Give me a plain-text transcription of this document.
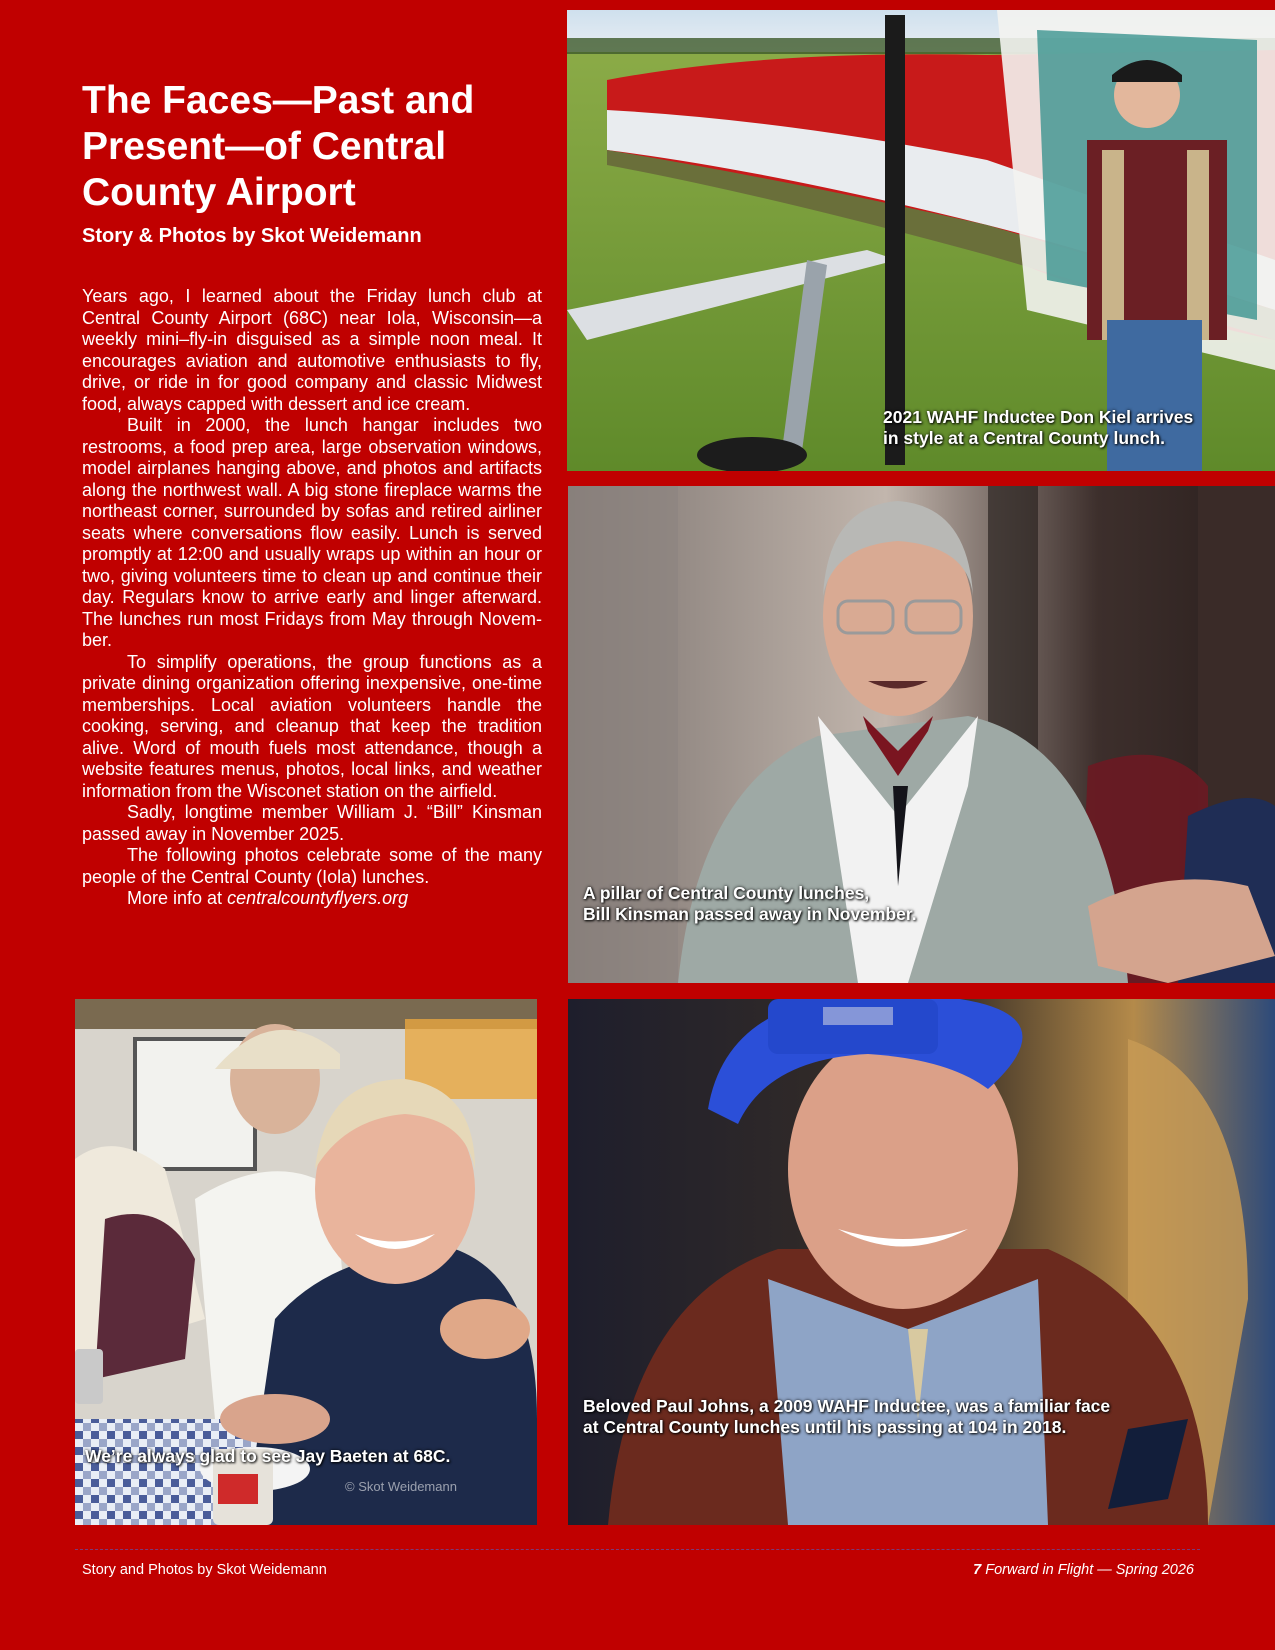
The Faces—Past and Present—of Central County Airport
Story & Photos by Skot Weidemann

Years ago, I learned about the Friday lunch club at Central County Airport (68C) near Iola, Wisconsin—a weekly mini–fly-in disguised as a simple noon meal. It encourages aviation and automotive enthusiasts to fly, drive, or ride in for good company and classic Midwest food, always capped with dessert and ice cream.

Built in 2000, the lunch hangar includes two restrooms, a food prep area, large observation windows, model airplanes hanging above, and photos and artifacts along the northwest wall. A big stone fireplace warms the northeast corner, surrounded by sofas and retired airliner seats where conversations flow easily. Lunch is served promptly at 12:00 and usually wraps up within an hour or two, giving volunteers time to clean up and continue their day. Regulars know to arrive early and linger afterward. The lunches run most Fridays from May through November.

To simplify operations, the group functions as a private dining organization offering inexpensive, one-time memberships. Local aviation volunteers handle the cooking, serving, and cleanup that keep the tradition alive. Word of mouth fuels most attendance, though a website features menus, photos, local links, and weather information from the Wisconet station on the airfield.

Sadly, longtime member William J. “Bill” Kinsman passed away in November 2025.

The following photos celebrate some of the many people of the Central County (Iola) lunches.

More info at centralcountyflyers.org

2021 WAHF Inductee Don Kiel arrives
in style at a Central County lunch.
A pillar of Central County lunches,
Bill Kinsman passed away in November.
We’re always glad to see Jay Baeten at 68C.
© Skot Weidemann
Beloved Paul Johns, a 2009 WAHF Inductee, was a familiar face
at Central County lunches until his passing at 104 in 2018.
Story and Photos by Skot Weidemann	7 Forward in Flight — Spring 2026
